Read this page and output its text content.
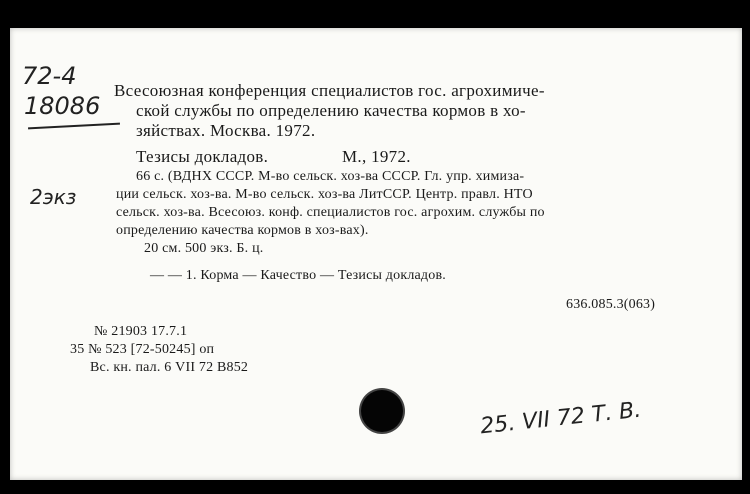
72-4
18086
2экз
Всесоюзная конференция специалистов гос. агрохимиче-
ской службы по определению качества кормов в хо-
зяйствах. Москва. 1972.
Тезисы докладов.	М., 1972.
66 с. (ВДНХ СССР. М-во сельск. хоз-ва СССР. Гл. упр. химиза-
ции сельск. хоз-ва. М-во сельск. хоз-ва ЛитССР. Центр. правл. НТО
сельск. хоз-ва. Всесоюз. конф. специалистов гос. агрохим. службы по
определению качества кормов в хоз-вах).
20 см. 500 экз. Б. ц.
— — 1. Корма — Качество — Тезисы докладов.
636.085.3(063)
№ 21903 17.7.1
35 № 523 [72-50245] оп
Вс. кн. пал. 6 VII 72 B852
25. VII 72 Т. В.
